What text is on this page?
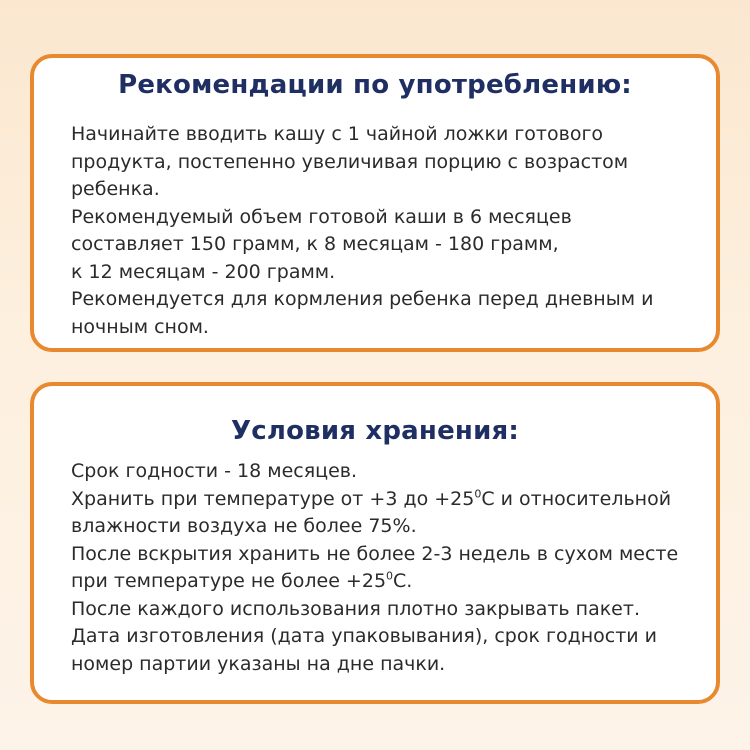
Рекомендации по употреблению:
Начинайте вводить кашу с 1 чайной ложки готового
продукта, постепенно увеличивая порцию с возрастом
ребенка.
Рекомендуемый объем готовой каши в 6 месяцев
составляет 150 грамм, к 8 месяцам - 180 грамм,
к 12 месяцам - 200 грамм.
Рекомендуется для кормления ребенка перед дневным и
ночным сном.
Условия хранения:
Срок годности - 18 месяцев.
Хранить при температуре от +3 до $+25^0С$ и относительной
влажности воздуха не более 75%.
После вскрытия хранить не более 2-3 недель в сухом месте
при температуре не более $+25^0С$.
После каждого использования плотно закрывать пакет.
Дата изготовления (дата упаковывания), срок годности и
номер партии указаны на дне пачки.
